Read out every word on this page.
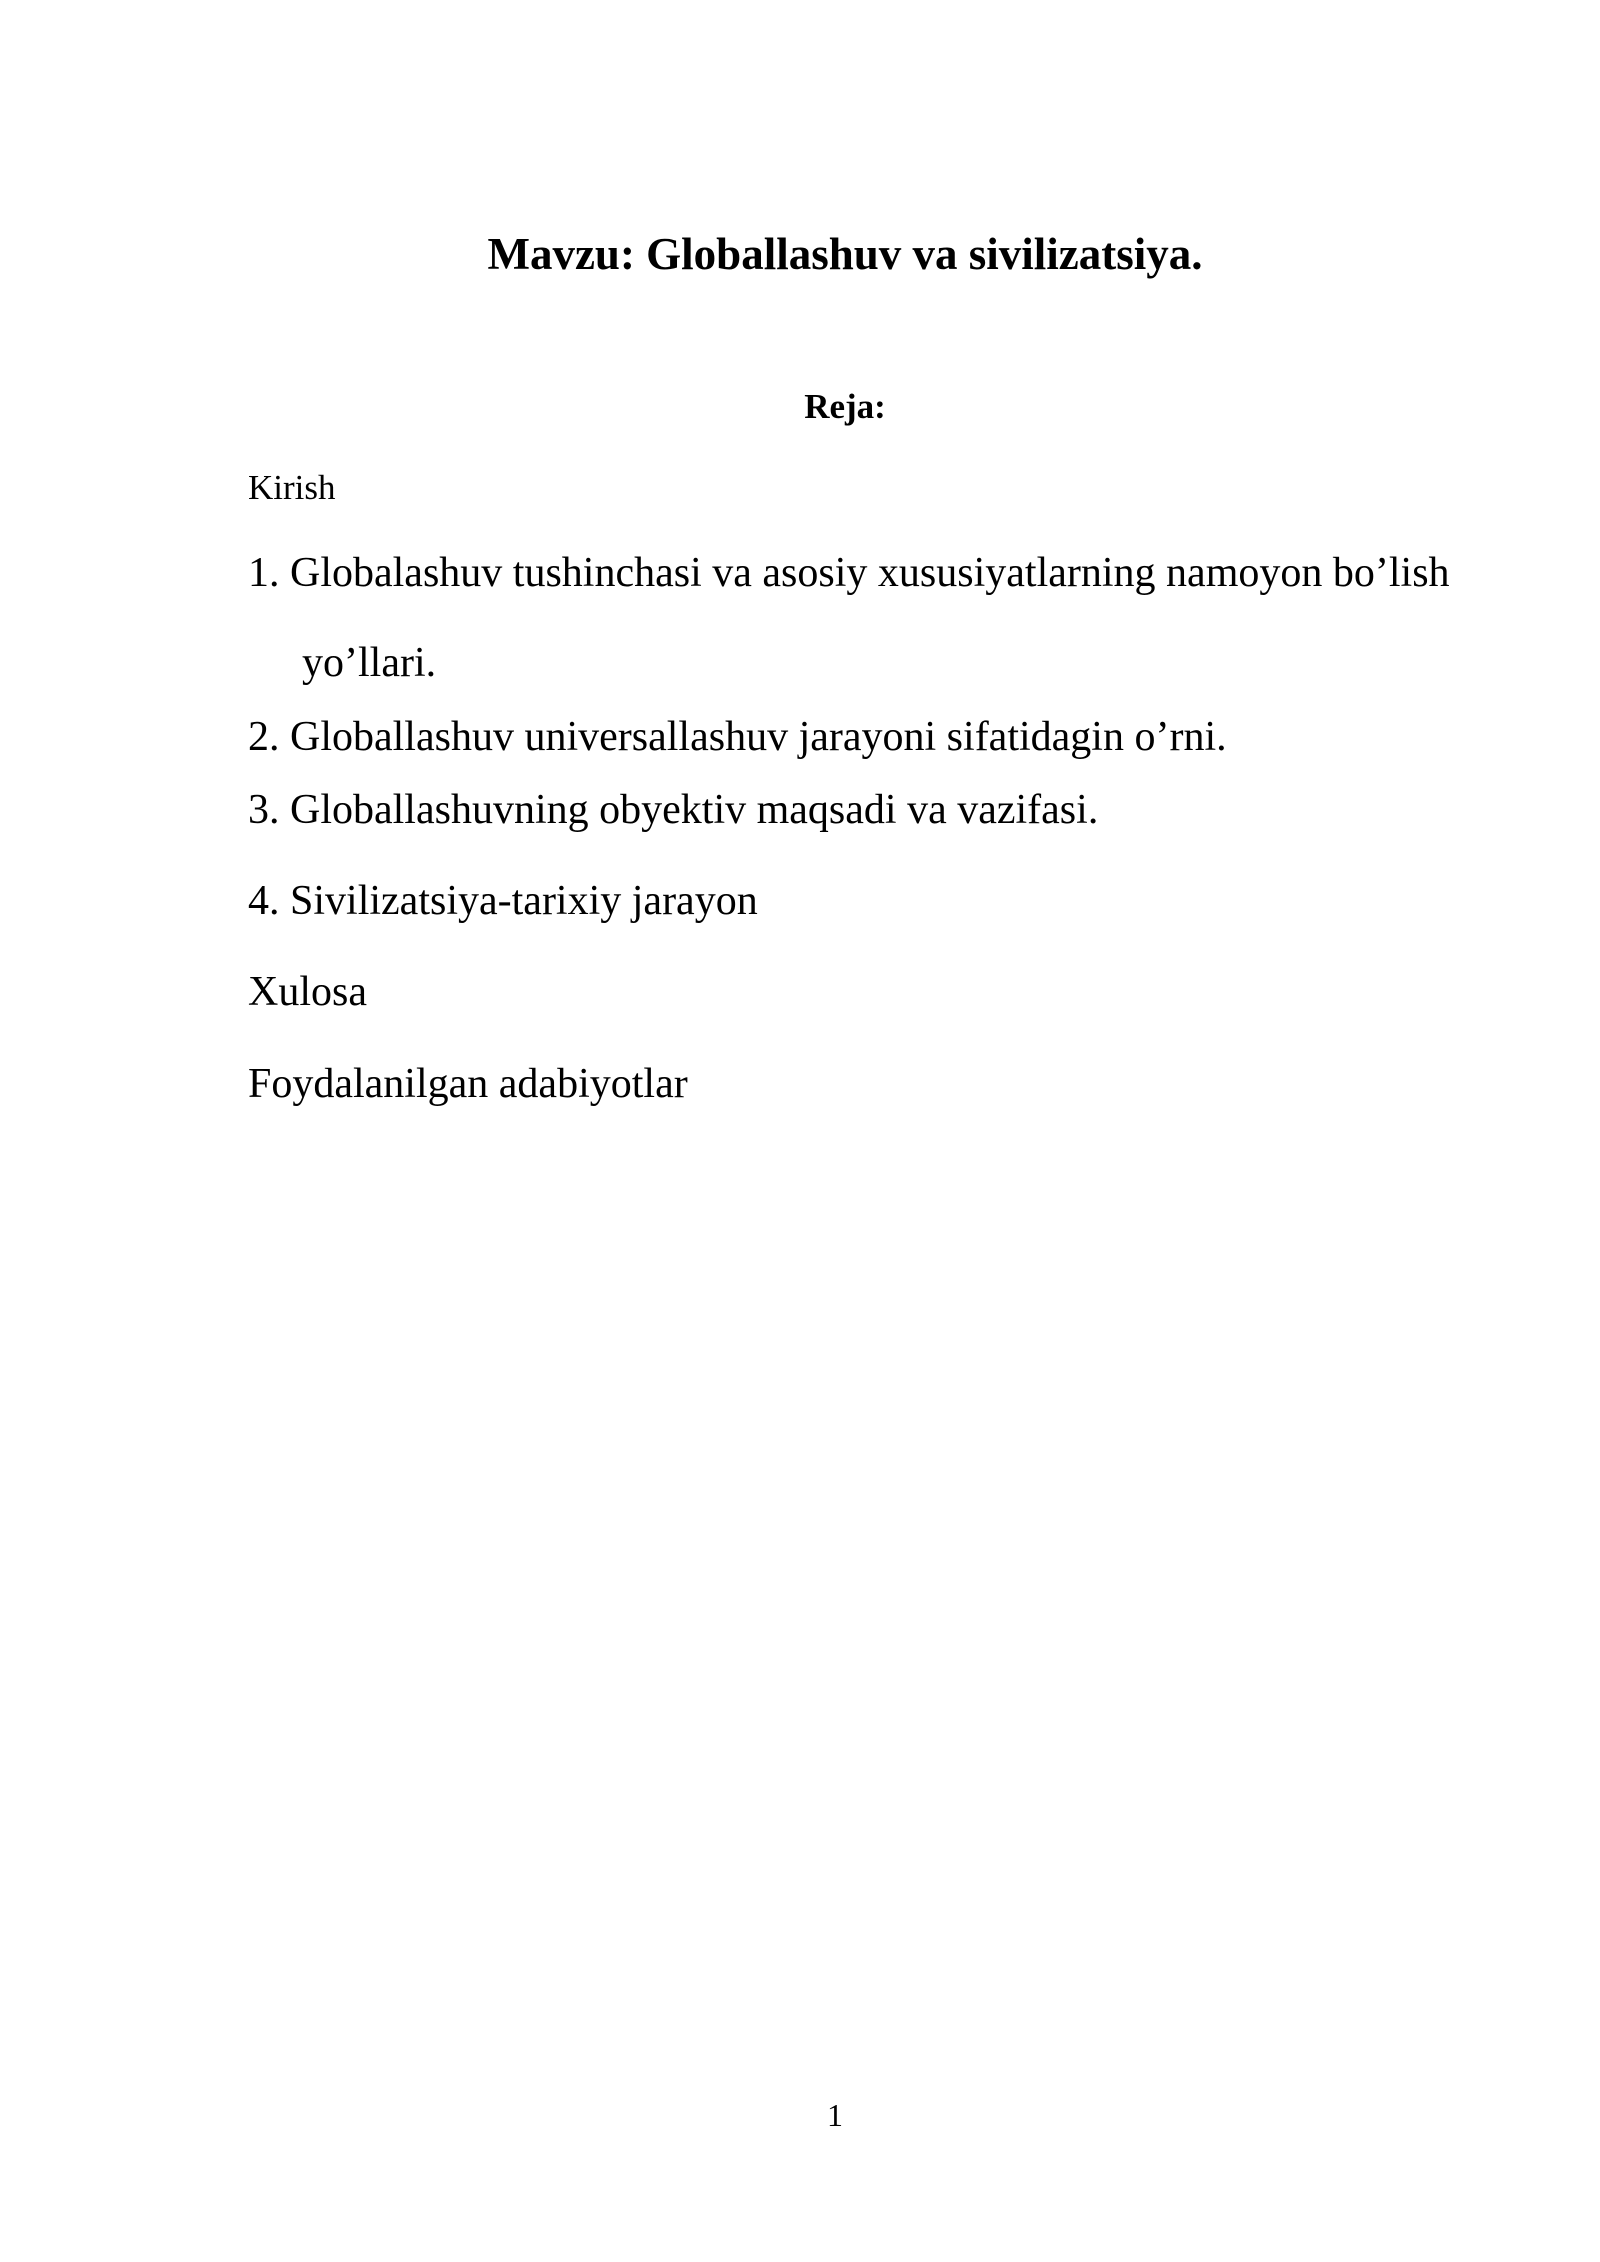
Mavzu: Globallashuv va sivilizatsiya.
Reja:
Kirish
1. Globalashuv tushinchasi va asosiy xususiyatlarning namoyon bo’lish
yo’llari.
2. Globallashuv universallashuv jarayoni sifatidagin o’rni.
3. Globallashuvning obyektiv maqsadi va vazifasi.
4. Sivilizatsiya-tarixiy jarayon
Xulosa
Foydalanilgan adabiyotlar
1
